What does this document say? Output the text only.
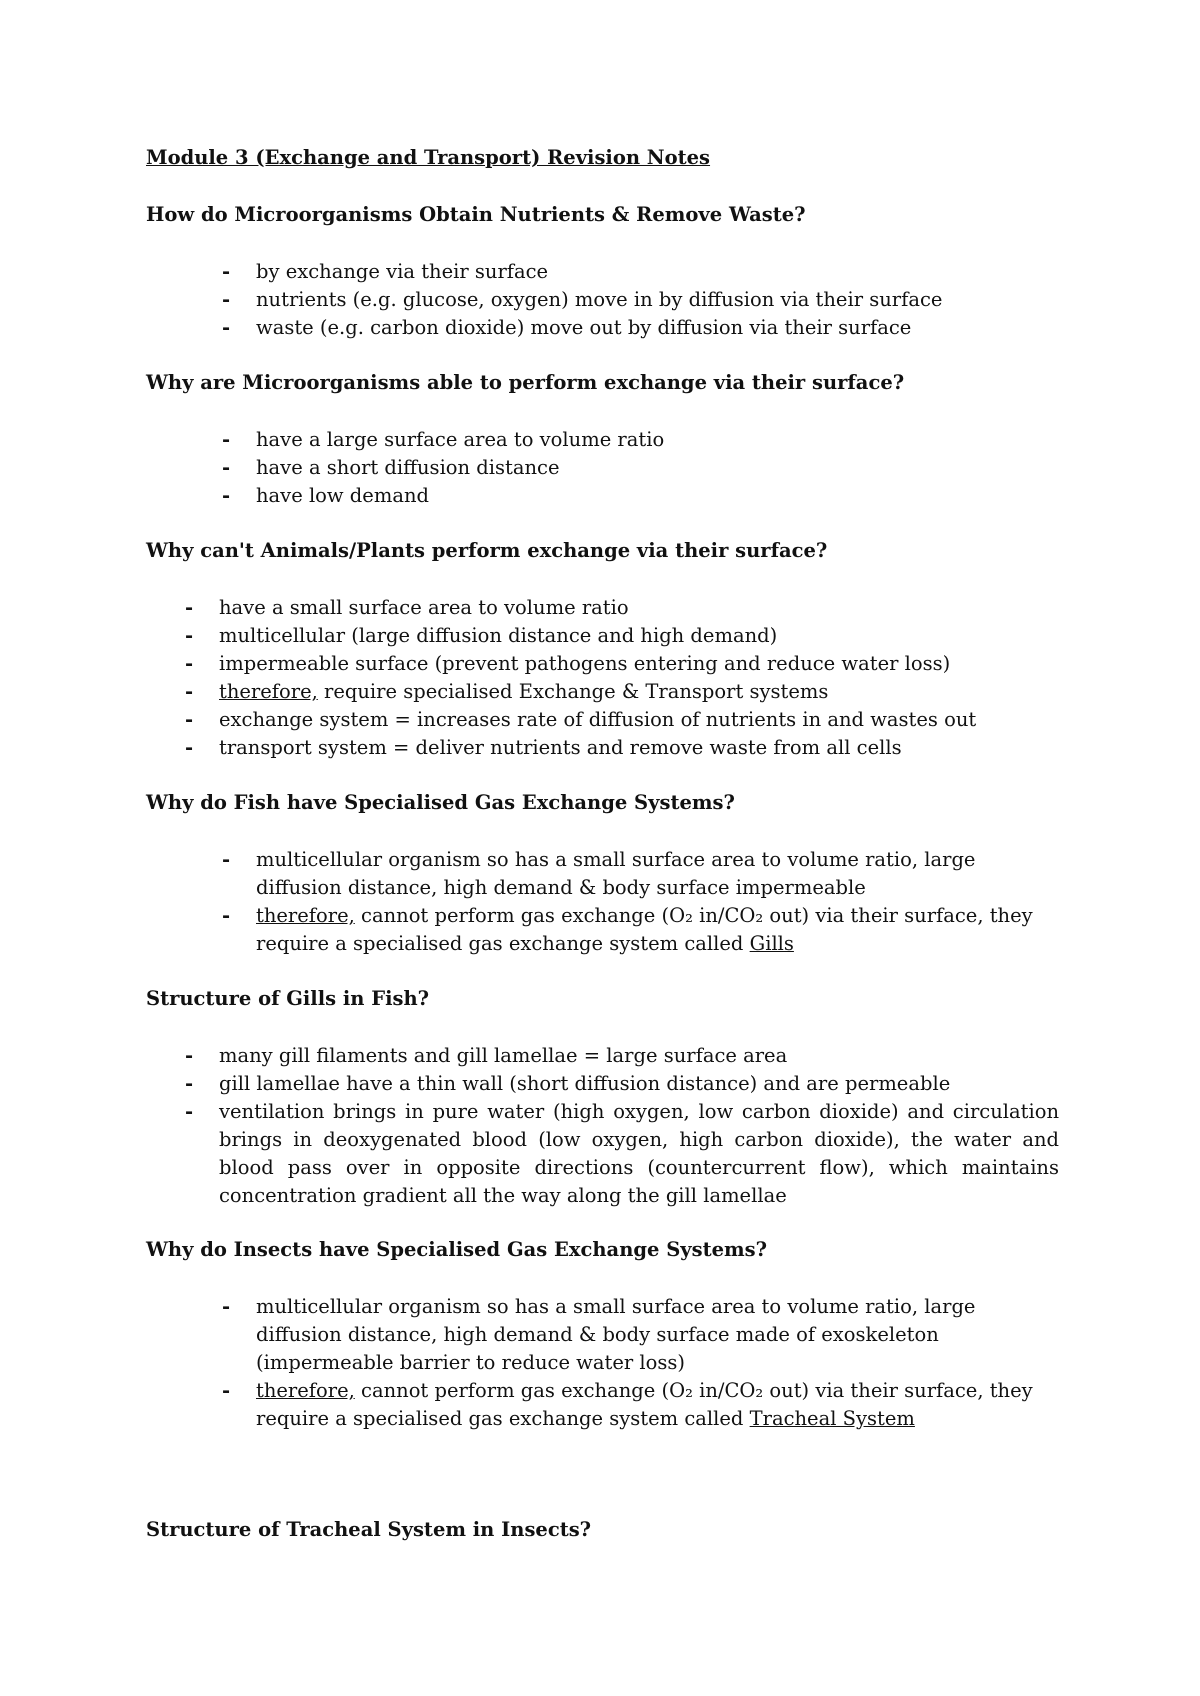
Module 3 (Exchange and Transport) Revision Notes
How do Microorganisms Obtain Nutrients & Remove Waste?
- by exchange via their surface
- nutrients (e.g. glucose, oxygen) move in by diffusion via their surface
- waste (e.g. carbon dioxide) move out by diffusion via their surface
Why are Microorganisms able to perform exchange via their surface?
- have a large surface area to volume ratio
- have a short diffusion distance
- have low demand
Why can't Animals/Plants perform exchange via their surface?
- have a small surface area to volume ratio
- multicellular (large diffusion distance and high demand)
- impermeable surface (prevent pathogens entering and reduce water loss)
- therefore, require specialised Exchange & Transport systems
- exchange system = increases rate of diffusion of nutrients in and wastes out
- transport system = deliver nutrients and remove waste from all cells
Why do Fish have Specialised Gas Exchange Systems?
- multicellular organism so has a small surface area to volume ratio, large diffusion distance, high demand & body surface impermeable
- therefore, cannot perform gas exchange (O₂ in/CO₂ out) via their surface, they require a specialised gas exchange system called Gills
Structure of Gills in Fish?
- many gill filaments and gill lamellae = large surface area
- gill lamellae have a thin wall (short diffusion distance) and are permeable
- ventilation brings in pure water (high oxygen, low carbon dioxide) and circulation brings in deoxygenated blood (low oxygen, high carbon dioxide), the water and blood pass over in opposite directions (countercurrent flow), which maintains concentration gradient all the way along the gill lamellae
Why do Insects have Specialised Gas Exchange Systems?
- multicellular organism so has a small surface area to volume ratio, large diffusion distance, high demand & body surface made of exoskeleton (impermeable barrier to reduce water loss)
- therefore, cannot perform gas exchange (O₂ in/CO₂ out) via their surface, they require a specialised gas exchange system called Tracheal System
Structure of Tracheal System in Insects?
